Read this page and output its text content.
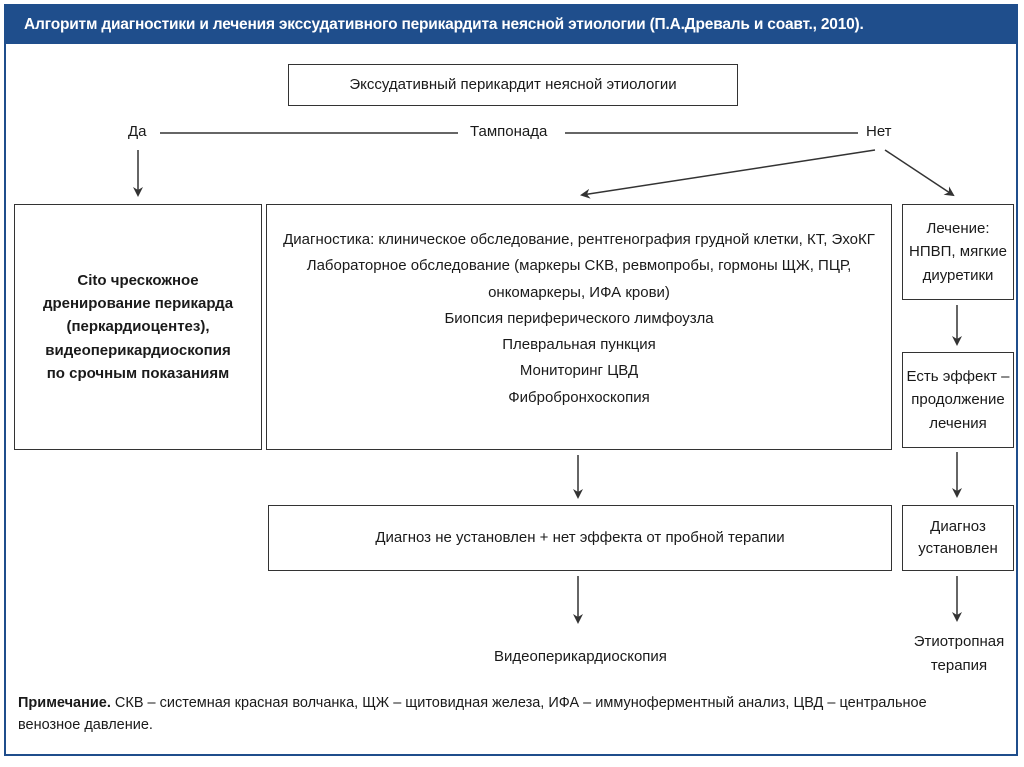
Алгоритм диагностики и лечения экссудативного перикардита неясной этиологии (П.А.Древаль и соавт., 2010).
Экссудативный перикардит неясной этиологии
Да	Тампонада	Нет
Cito чрескожное
дренирование перикарда
(перкардиоцентез),
видеоперикардиоскопия
по срочным показаниям
Диагностика: клиническое обследование, рентгенография грудной клетки, КТ, ЭхоКГ
Лабораторное обследование (маркеры СКВ, ревмопробы, гормоны ЩЖ, ПЦР,
онкомаркеры, ИФА крови)
Биопсия периферического лимфоузла
Плевральная пункция
Мониторинг ЦВД
Фибробронхоскопия
Лечение:
НПВП, мягкие
диуретики
Есть эффект –
продолжение
лечения
Диагноз не установлен + нет эффекта от пробной терапии
Диагноз
установлен
Видеоперикардиоскопия
Этиотропная
терапия
Примечание. СКВ – системная красная волчанка, ЩЖ – щитовидная железа, ИФА – иммуноферментный анализ, ЦВД – центральное венозное давление.
